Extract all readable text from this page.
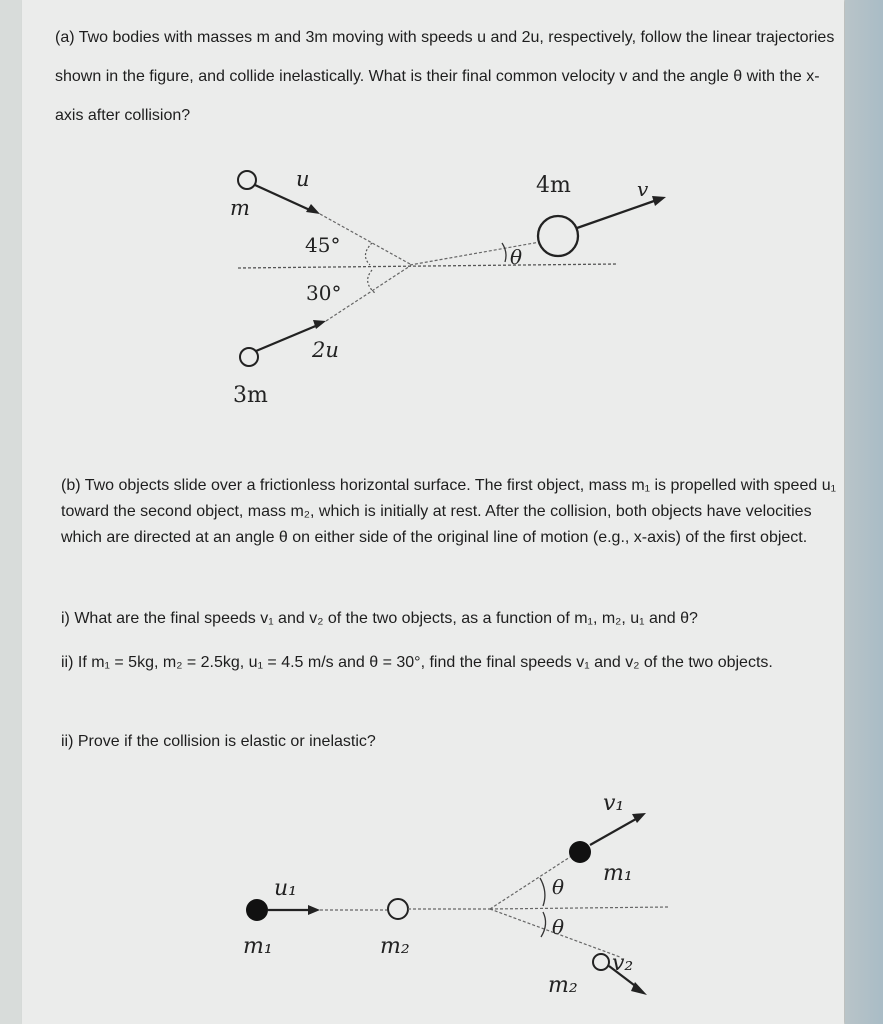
(a) Two bodies with masses m and 3m moving with speeds u and 2u, respectively, follow the linear trajectories shown in the figure, and collide inelastically. What is their final common velocity v and the angle θ with the x-axis after collision?
m
u
45°
30°
2u
3m
4m	v
θ
(b) Two objects slide over a frictionless horizontal surface. The first object, mass m₁ is propelled with speed u₁ toward the second object, mass m₂, which is initially at rest. After the collision, both objects have velocities which are directed at an angle θ on either side of the original line of motion (e.g., x-axis) of the first object.
i) What are the final speeds v₁ and v₂ of the two objects, as a function of m₁, m₂, u₁ and θ?
ii) If m₁ = 5kg, m₂ = 2.5kg, u₁ = 4.5 m/s and θ = 30°, find the final speeds v₁ and v₂ of the two objects.
ii) Prove if the collision is elastic or inelastic?
u₁
m₁	m₂
v₁
m₁
θ
θ
v₂
m₂
